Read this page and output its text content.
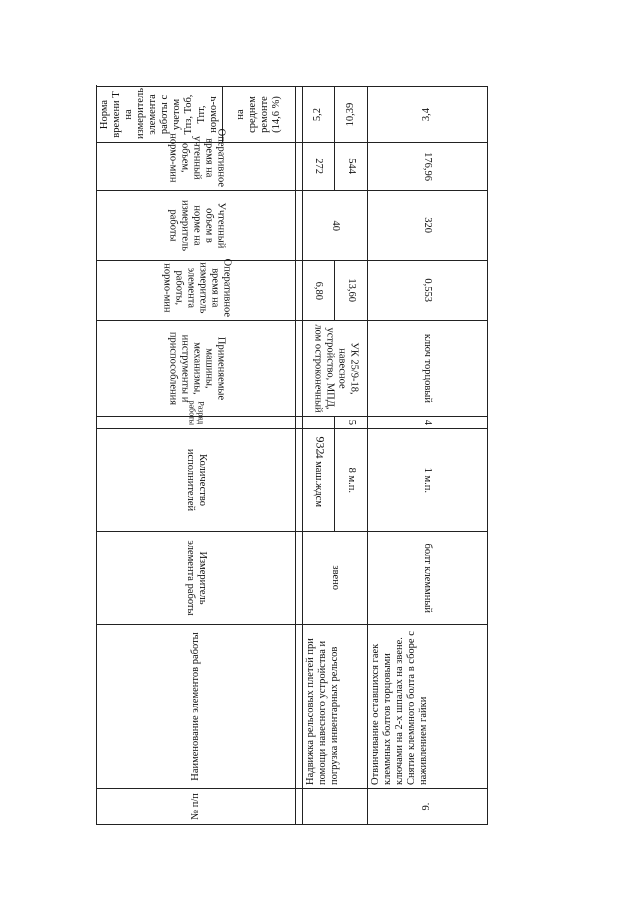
932
№ п/п	Наименование элементов работы	Измеритель элемента работы	Количество исполнителей	Разряд работы	Применяемые машины, механизмы, инструменты и приспособления	Оперативное время на измеритель элемента работы, нормо-мин	Учтенный объем в норме на измеритель работы	Оперативное время на учтенный объем, нормо-мин	Норма времени Т на измеритель элемента работы с учетом Тпз, Тоб, Тпт, нормо-ч	
									на среднем ремонте (14,6 %)	

	Надвижка рельсовых плетей при помощи навесного устройства и погрузка инвентарных рельсов	звено	4 маш.ждсм		УК 25/9-18, навесное устройство, МПД, лом остроконечный	6,80	40	272	5,2	
			8 м.п.	5		13,60		544	10,39	
9.	Отвинчивание оставшихся гаек клеммных болтов торцовыми ключами на 2-х шпалах на звене. Снятие клеммного болта в сборе с наживлением гайки	болт клеммный	1 м.п.	4	ключ торцовый	0,553	320	176,96	3,4	
